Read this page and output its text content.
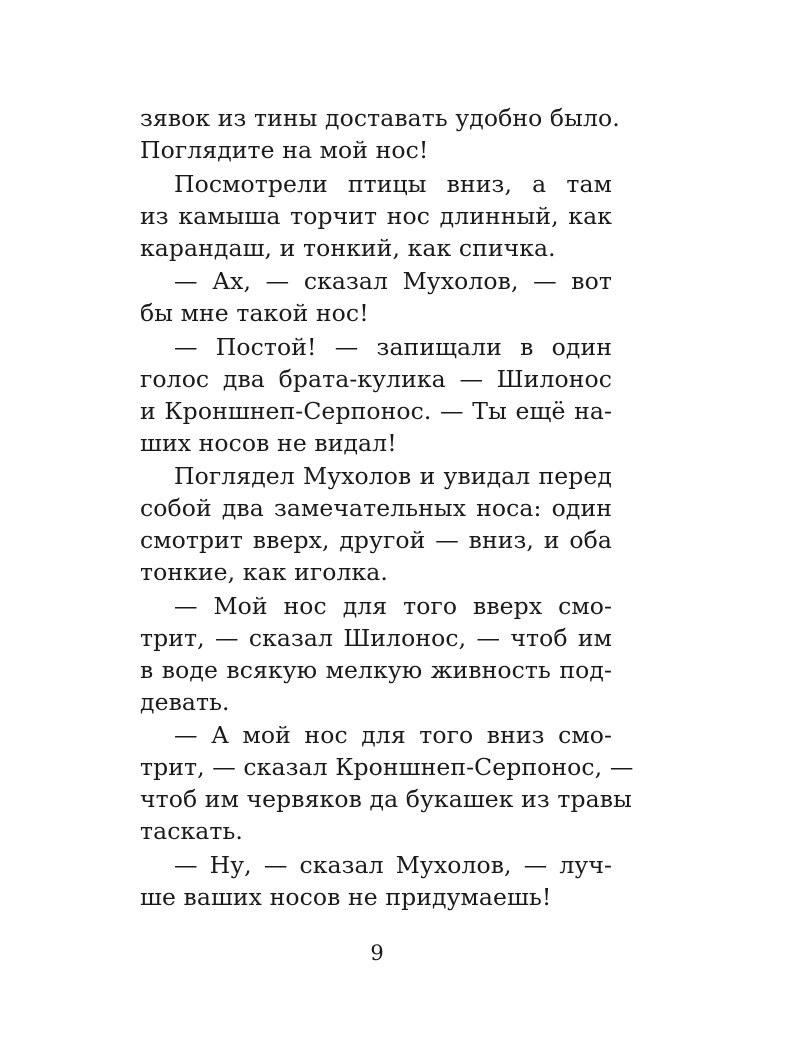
зявок из тины доставать удобно было.
Поглядите на мой нос!
Посмотрели птицы вниз, а там
из камыша торчит нос длинный, как
карандаш, и тонкий, как спичка.
— Ах, — сказал Мухолов, — вот
бы мне такой нос!
— Постой! — запищали в один
голос два брата-кулика — Шилонос
и Кроншнеп-Серпонос. — Ты ещё на-
ших носов не видал!
Поглядел Мухолов и увидал перед
собой два замечательных носа: один
смотрит вверх, другой — вниз, и оба
тонкие, как иголка.
— Мой нос для того вверх смо-
трит, — сказал Шилонос, — чтоб им
в воде всякую мелкую живность под-
девать.
— А мой нос для того вниз смо-
трит, — сказал Кроншнеп-Серпонос, —
чтоб им червяков да букашек из травы
таскать.
— Ну, — сказал Мухолов, — луч-
ше ваших носов не придумаешь!
9
